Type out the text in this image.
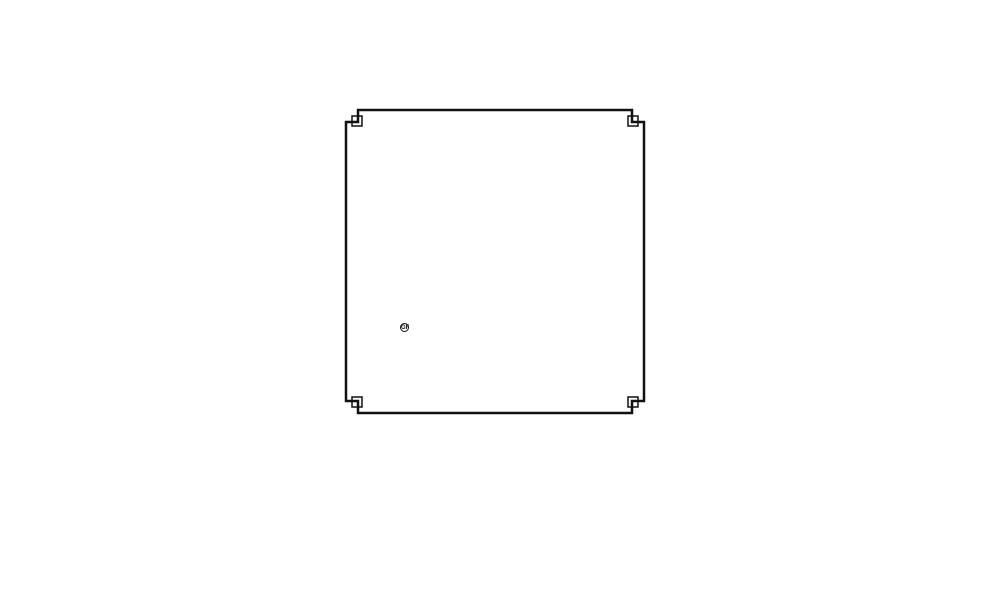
GF
